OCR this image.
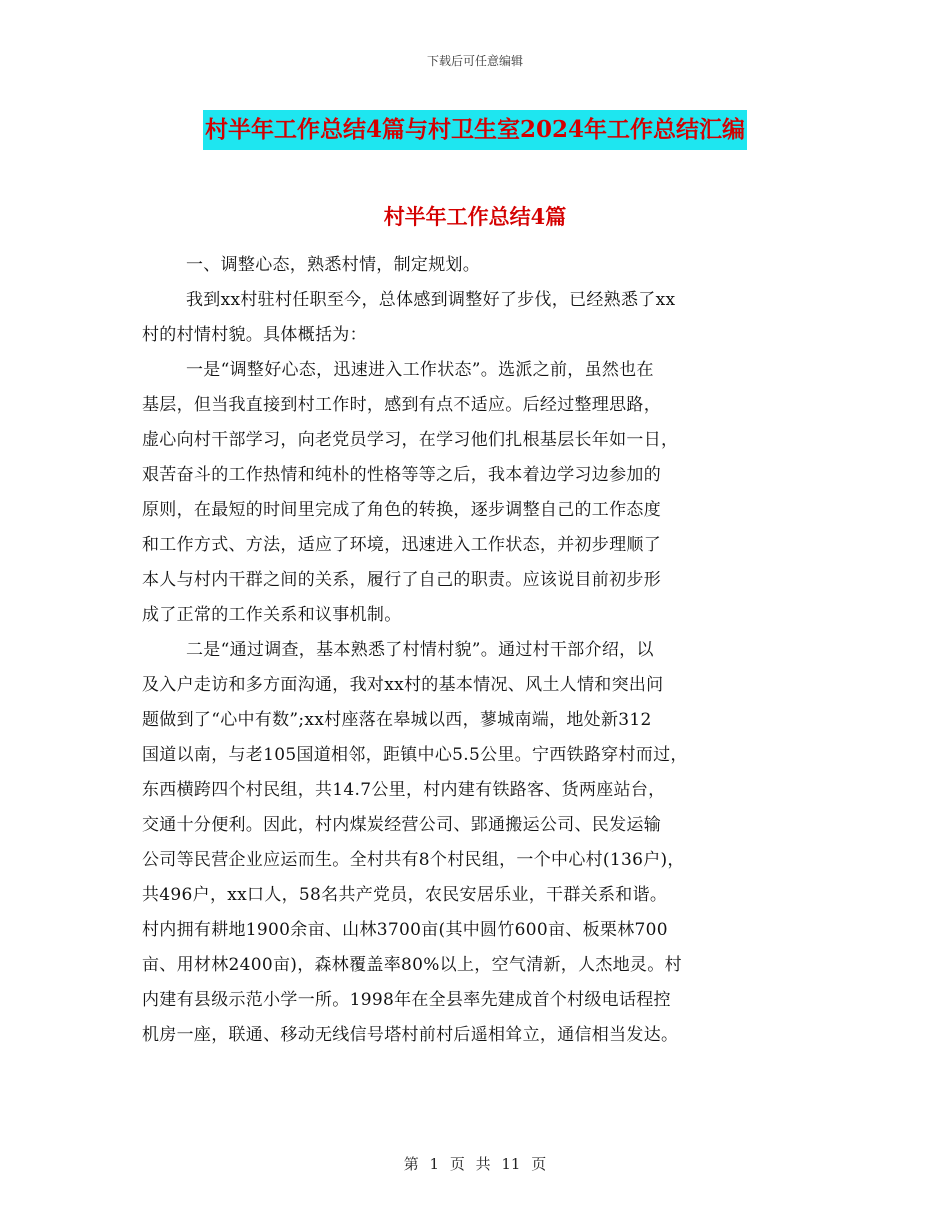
下载后可任意编辑
村半年工作总结4篇与村卫生室2024年工作总结汇编
村半年工作总结4篇
一、调整心态，熟悉村情，制定规划。
我到xx村驻村任职至今，总体感到调整好了步伐，已经熟悉了xx
村的村情村貌。具体概括为：
一是“调整好心态，迅速进入工作状态”。选派之前，虽然也在
基层，但当我直接到村工作时，感到有点不适应。后经过整理思路，
虚心向村干部学习，向老党员学习，在学习他们扎根基层长年如一日，
艰苦奋斗的工作热情和纯朴的性格等等之后，我本着边学习边参加的
原则，在最短的时间里完成了角色的转换，逐步调整自己的工作态度
和工作方式、方法，适应了环境，迅速进入工作状态，并初步理顺了
本人与村内干群之间的关系，履行了自己的职责。应该说目前初步形
成了正常的工作关系和议事机制。
二是“通过调查，基本熟悉了村情村貌”。通过村干部介绍，以
及入户走访和多方面沟通，我对xx村的基本情况、风土人情和突出问
题做到了“心中有数”;xx村座落在皋城以西，蓼城南端，地处新312
国道以南，与老105国道相邻，距镇中心5.5公里。宁西铁路穿村而过，
东西横跨四个村民组，共14.7公里，村内建有铁路客、货两座站台，
交通十分便利。因此，村内煤炭经营公司、郢通搬运公司、民发运输
公司等民营企业应运而生。全村共有8个村民组，一个中心村(136户)，
共496户，xx口人，58名共产党员，农民安居乐业，干群关系和谐。
村内拥有耕地1900余亩、山林3700亩(其中圆竹600亩、板栗林700
亩、用材林2400亩)，森林覆盖率80%以上，空气清新，人杰地灵。村
内建有县级示范小学一所。1998年在全县率先建成首个村级电话程控
机房一座，联通、移动无线信号塔村前村后遥相耸立，通信相当发达。
第 1 页 共 11 页
